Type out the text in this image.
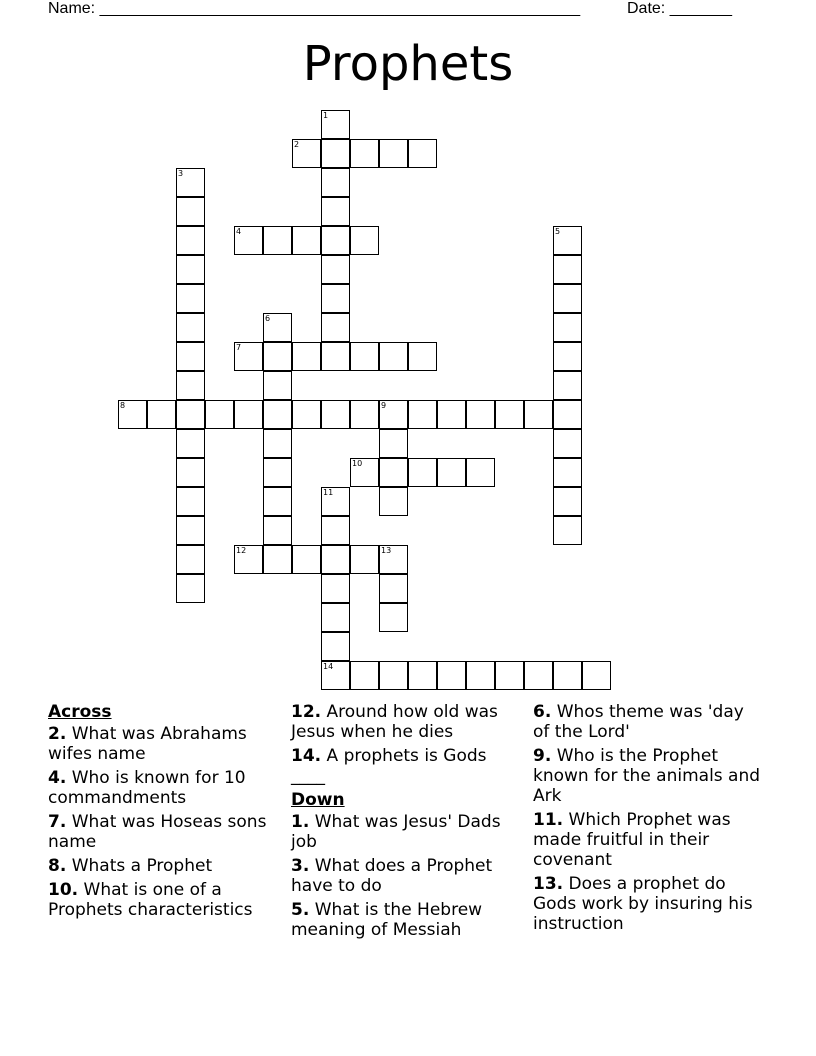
Name: ______________________________________________________	Date: _______
Prophets
1
2
3
4	5
6
7
8	9
10
11
14
12	13
Across
2. What was Abrahams wifes name
4. Who is known for 10 commandments
7. What was Hoseas sons name
8. Whats a Prophet
10. What is one of a Prophets characteristics
12. Around how old was Jesus when he dies
14. A prophets is Gods ____
Down
1. What was Jesus' Dads job
3. What does a Prophet have to do
5. What is the Hebrew meaning of Messiah
6. Whos theme was 'day of the Lord'
9. Who is the Prophet known for the animals and Ark
11. Which Prophet was made fruitful in their covenant
13. Does a prophet do Gods work by insuring his instruction
